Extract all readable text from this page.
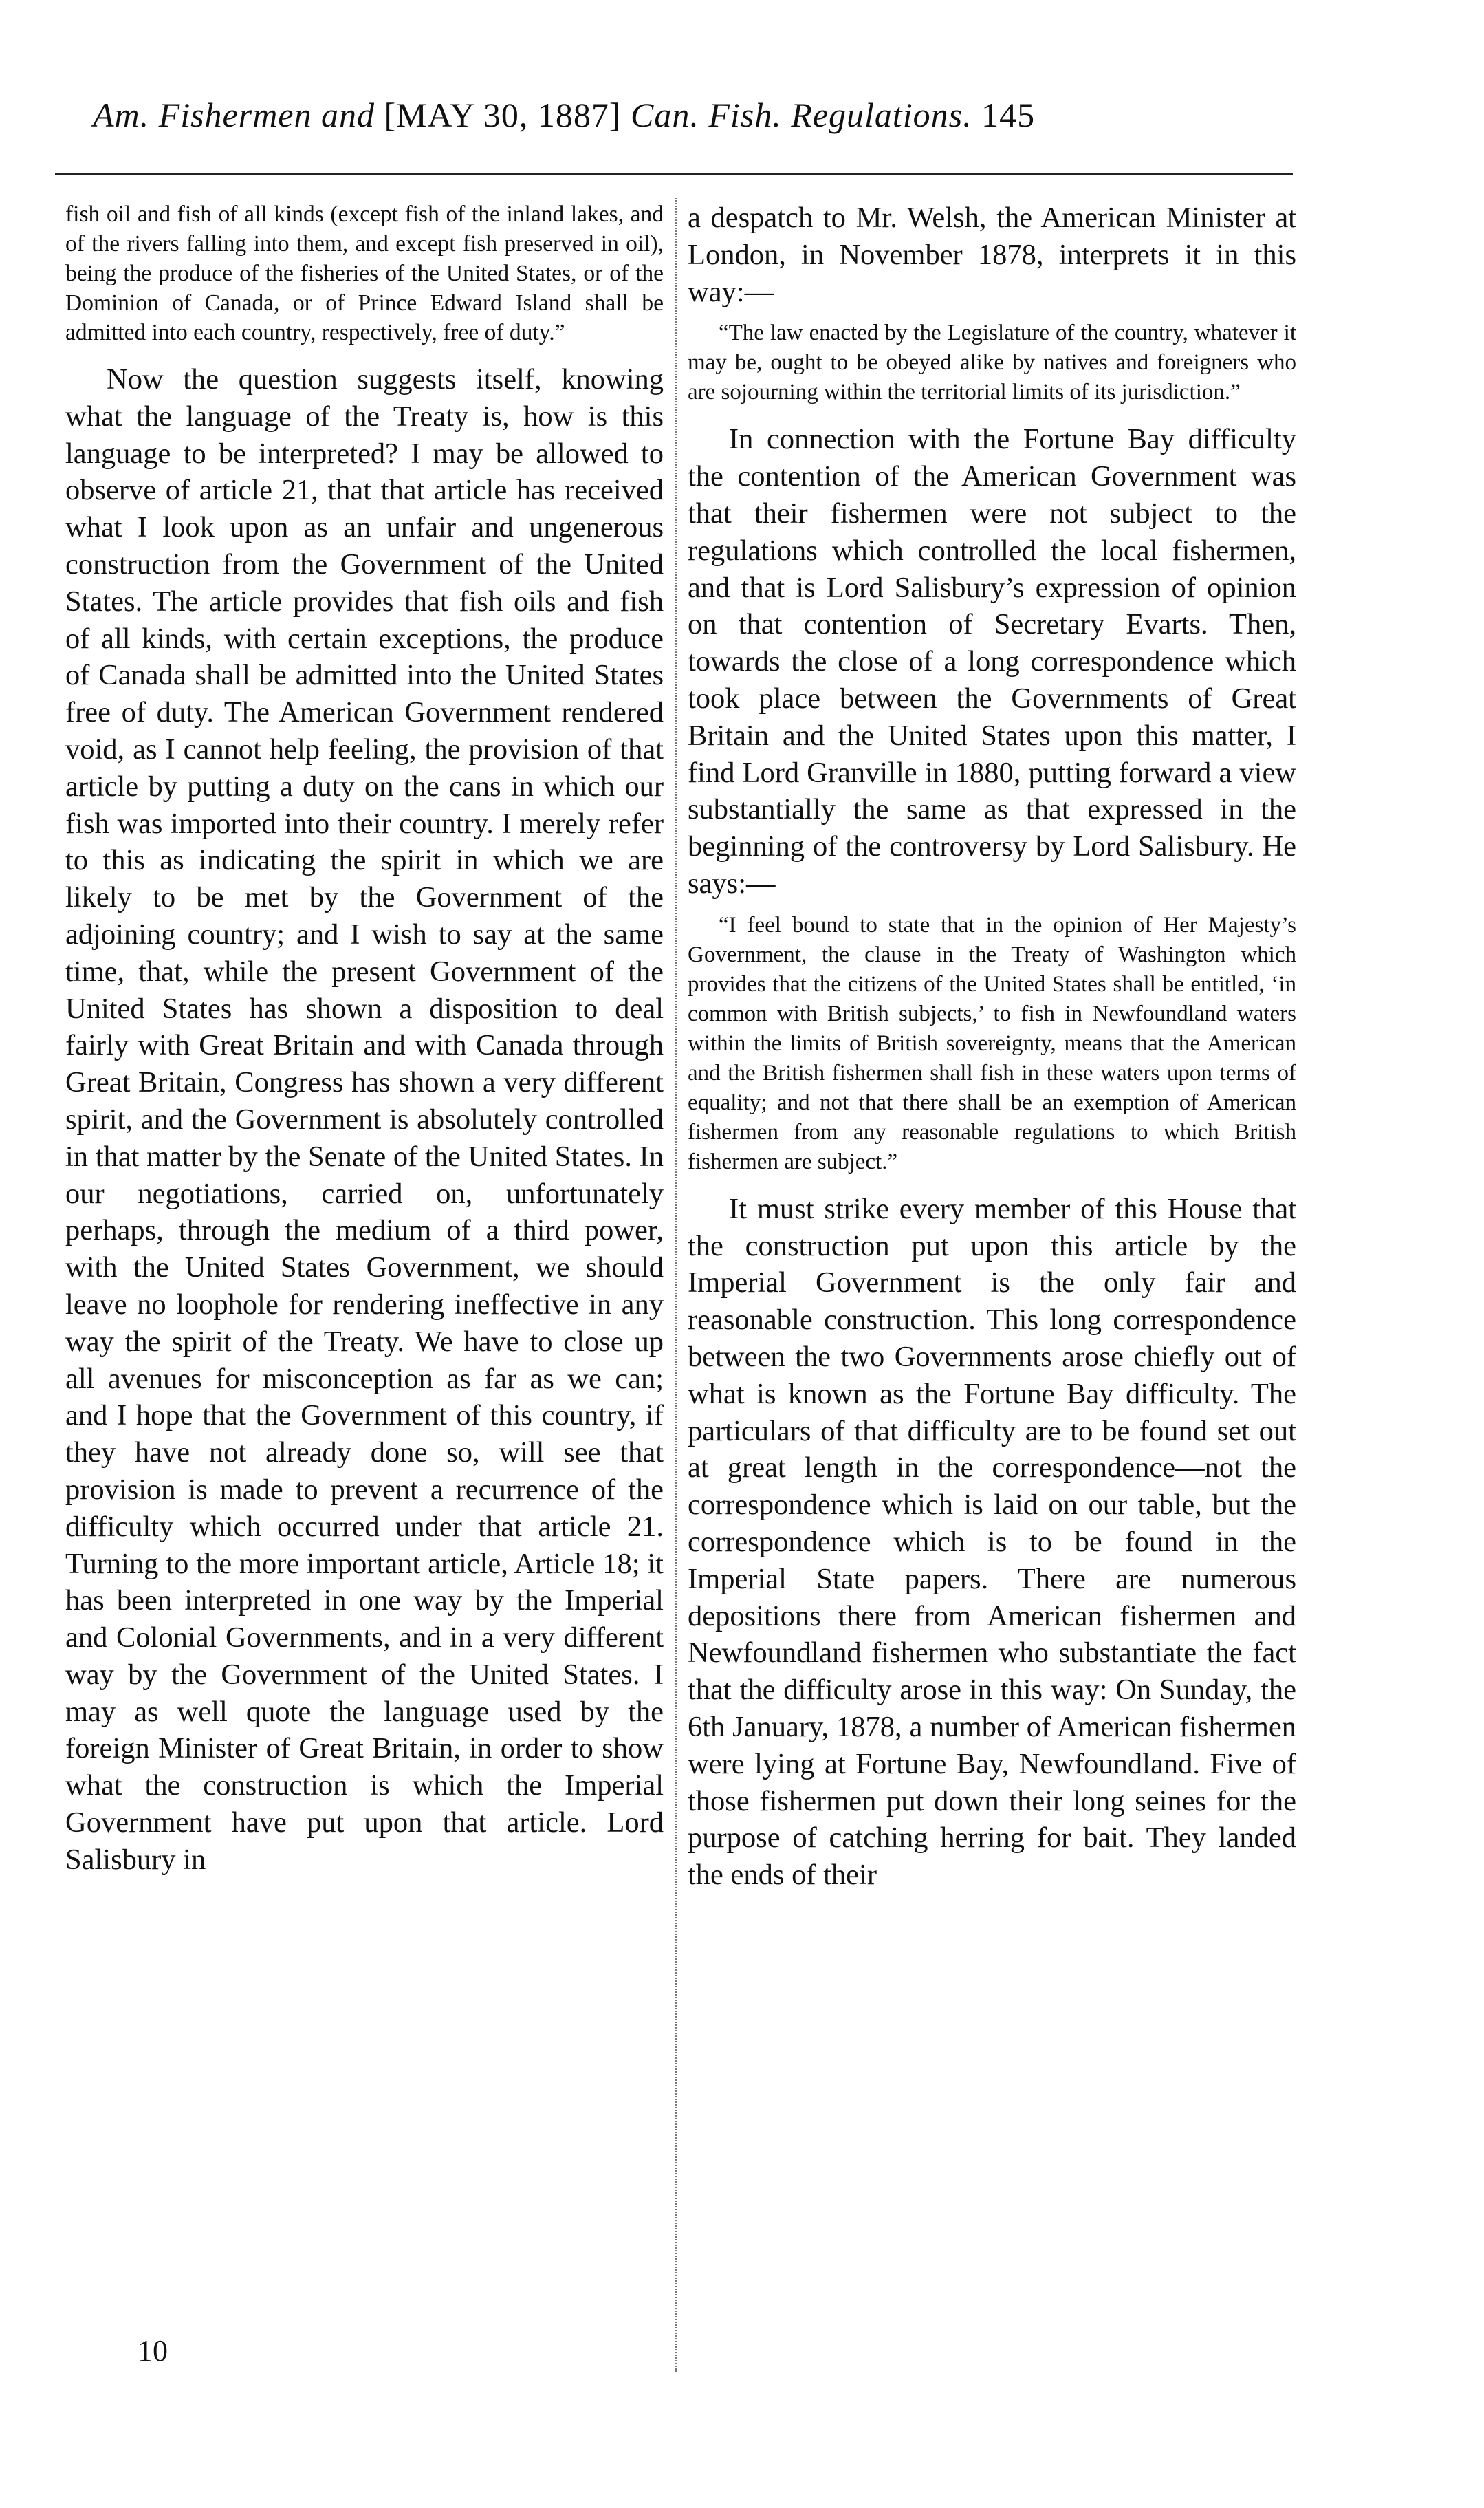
Am. Fishermen and [MAY 30, 1887] Can. Fish. Regulations. 145

fish oil and fish of all kinds (except fish of the inland lakes, and of the rivers falling into them, and except fish preserved in oil), being the produce of the fisheries of the United States, or of the Dominion of Canada, or of Prince Edward Island shall be admitted into each country, respectively, free of duty.”

Now the question suggests itself, knowing what the language of the Treaty is, how is this language to be interpreted? I may be allowed to observe of article 21, that that article has received what I look upon as an unfair and ungenerous construction from the Government of the United States. The article provides that fish oils and fish of all kinds, with certain exceptions, the produce of Canada shall be admitted into the United States free of duty. The American Government rendered void, as I cannot help feeling, the provision of that article by putting a duty on the cans in which our fish was imported into their country. I merely refer to this as indicating the spirit in which we are likely to be met by the Government of the adjoining country; and I wish to say at the same time, that, while the present Government of the United States has shown a disposition to deal fairly with Great Britain and with Canada through Great Britain, Congress has shown a very different spirit, and the Government is absolutely controlled in that matter by the Senate of the United States. In our negotiations, carried on, unfortunately perhaps, through the medium of a third power, with the United States Government, we should leave no loophole for rendering ineffective in any way the spirit of the Treaty. We have to close up all avenues for misconception as far as we can; and I hope that the Government of this country, if they have not already done so, will see that provision is made to prevent a recurrence of the difficulty which occurred under that article 21. Turning to the more important article, Article 18; it has been interpreted in one way by the Imperial and Colonial Governments, and in a very different way by the Government of the United States. I may as well quote the language used by the foreign Minister of Great Britain, in order to show what the construction is which the Imperial Government have put upon that article. Lord Salisbury in

a despatch to Mr. Welsh, the American Minister at London, in November 1878, interprets it in this way:—

“The law enacted by the Legislature of the country, whatever it may be, ought to be obeyed alike by natives and foreigners who are sojourning within the territorial limits of its jurisdiction.”

In connection with the Fortune Bay difficulty the contention of the American Government was that their fishermen were not subject to the regulations which controlled the local fishermen, and that is Lord Salisbury’s expression of opinion on that contention of Secretary Evarts. Then, towards the close of a long correspondence which took place between the Governments of Great Britain and the United States upon this matter, I find Lord Granville in 1880, putting forward a view substantially the same as that expressed in the beginning of the controversy by Lord Salisbury. He says:—

“I feel bound to state that in the opinion of Her Majesty’s Government, the clause in the Treaty of Washington which provides that the citizens of the United States shall be entitled, ‘in common with British subjects,’ to fish in Newfoundland waters within the limits of British sovereignty, means that the American and the British fishermen shall fish in these waters upon terms of equality; and not that there shall be an exemption of American fishermen from any reasonable regulations to which British fishermen are subject.”

It must strike every member of this House that the construction put upon this article by the Imperial Government is the only fair and reasonable construction. This long correspondence between the two Governments arose chiefly out of what is known as the Fortune Bay difficulty. The particulars of that difficulty are to be found set out at great length in the correspondence—not the correspondence which is laid on our table, but the correspondence which is to be found in the Imperial State papers. There are numerous depositions there from American fishermen and Newfoundland fishermen who substantiate the fact that the difficulty arose in this way: On Sunday, the 6th January, 1878, a number of American fishermen were lying at Fortune Bay, Newfoundland. Five of those fishermen put down their long seines for the purpose of catching herring for bait. They landed the ends of their

10
